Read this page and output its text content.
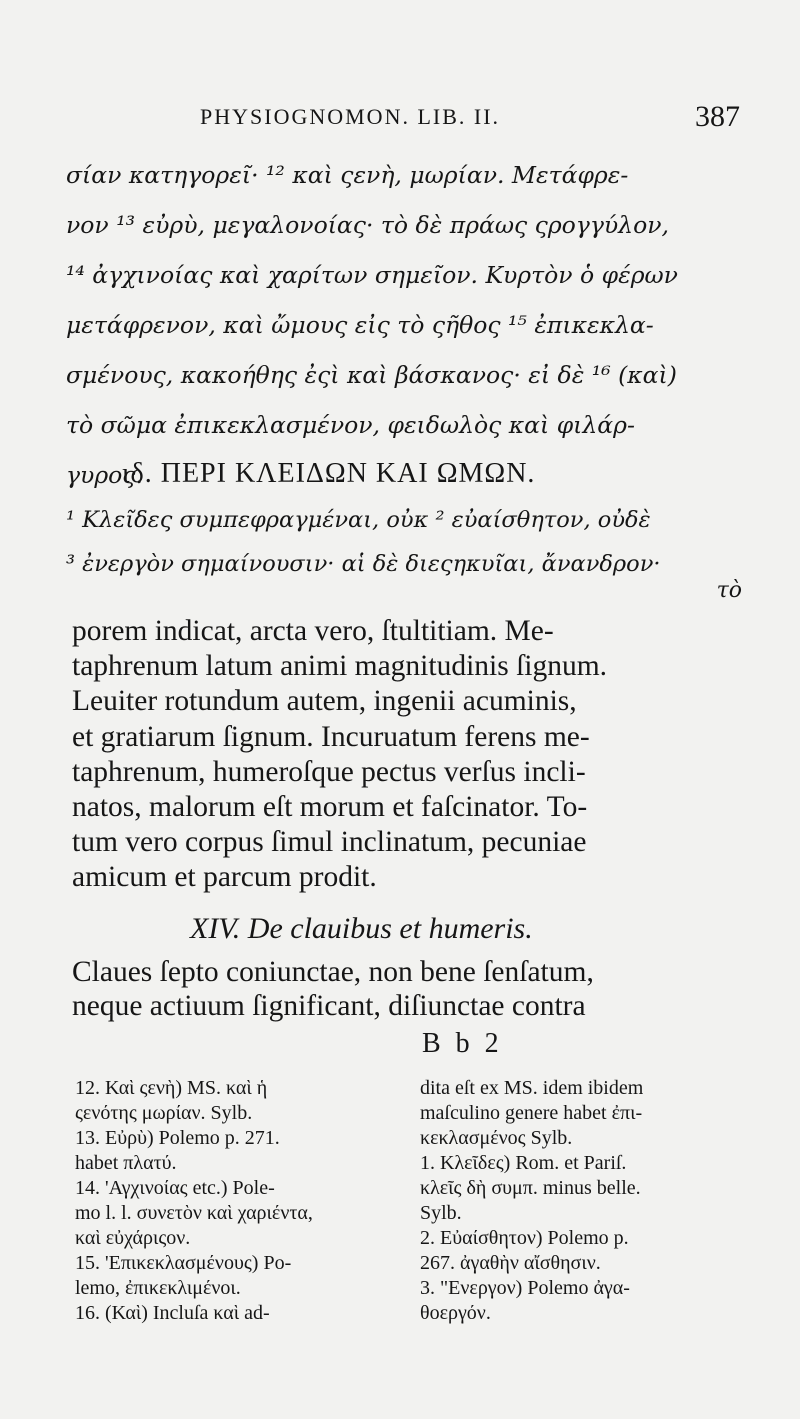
PHYSIOGNOMON. LIB. II.	387
σίαν κατηγορεῖ· ¹² καὶ ςενὴ, μωρίαν. Μετάφρε-
νον ¹³ εὐρὺ, μεγαλονοίας· τὸ δὲ πράως ςρογγύλον,
¹⁴ ἀγχινοίας καὶ χαρίτων σημεῖον. Κυρτὸν ὁ φέρων
μετάφρενον, καὶ ὤμους εἰς τὸ ςῆθος ¹⁵ ἐπικεκλα-
σμένους, κακοήθης ἐςὶ καὶ βάσκανος· εἰ δὲ ¹⁶ (καὶ)
τὸ σῶμα ἐπικεκλασμένον, φειδωλὸς καὶ φιλάρ-
γυρος.
ιδ. ΠΕΡΙ ΚΛΕΙΔΩΝ ΚΑΙ ΩΜΩΝ.
¹ Κλεῖδες συμπεφραγμέναι, οὐκ ² εὐαίσθητον, οὐδὲ
³ ἐνεργὸν σημαίνουσιν· αἱ δὲ διεςηκυῖαι, ἄνανδρον·
τὸ
porem indicat, arcta vero, ſtultitiam. Me-
taphrenum latum animi magnitudinis ſignum.
Leuiter rotundum autem, ingenii acuminis,
et gratiarum ſignum. Incuruatum ferens me-
taphrenum, humeroſque pectus verſus incli-
natos, malorum eſt morum et faſcinator. To-
tum vero corpus ſimul inclinatum, pecuniae
amicum et parcum prodit.
XIV. De clauibus et humeris.
Claues ſepto coniunctae, non bene ſenſatum,
neque actiuum ſignificant, diſiunctae contra
B b 2
12. Καὶ ςενὴ) MS. καὶ ἡ
ςενότης μωρίαν. Sylb.
13. Εὐρὺ) Polemo p. 271.
habet πλατύ.
14. 'Αγχινοίας etc.) Pole-
mo l. l. συνετὸν καὶ χαριέντα,
καὶ εὐχάριςον.
15. 'Επικεκλασμένους) Po-
lemo, ἐπικεκλιμένοι.
16. (Καὶ) Incluſa καὶ ad-
dita eſt ex MS. idem ibidem
maſculino genere habet ἐπι-
κεκλασμένος Sylb.
1. Κλεῖδες) Rom. et Pariſ.
κλεῖς δὴ συμπ. minus belle.
Sylb.
2. Εὐαίσθητον) Polemo p.
267. ἀγαθὴν αἴσθησιν.
3. "Ενεργον) Polemo ἀγα-
θοεργόν.
